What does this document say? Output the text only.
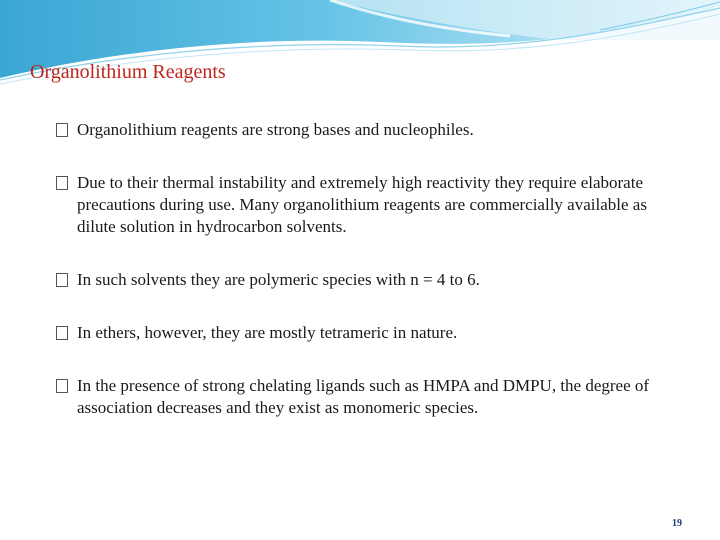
Organolithium Reagents
Organolithium reagents are strong bases and nucleophiles.
Due to their thermal instability and extremely high reactivity they require elaborate precautions during use. Many organolithium reagents are commercially available as dilute solution in hydrocarbon solvents.
In such solvents they are polymeric species with n = 4 to 6.
In ethers, however, they are mostly tetrameric in nature.
In the presence of strong chelating ligands such as HMPA and DMPU, the degree of association decreases and they exist as monomeric species.
19
